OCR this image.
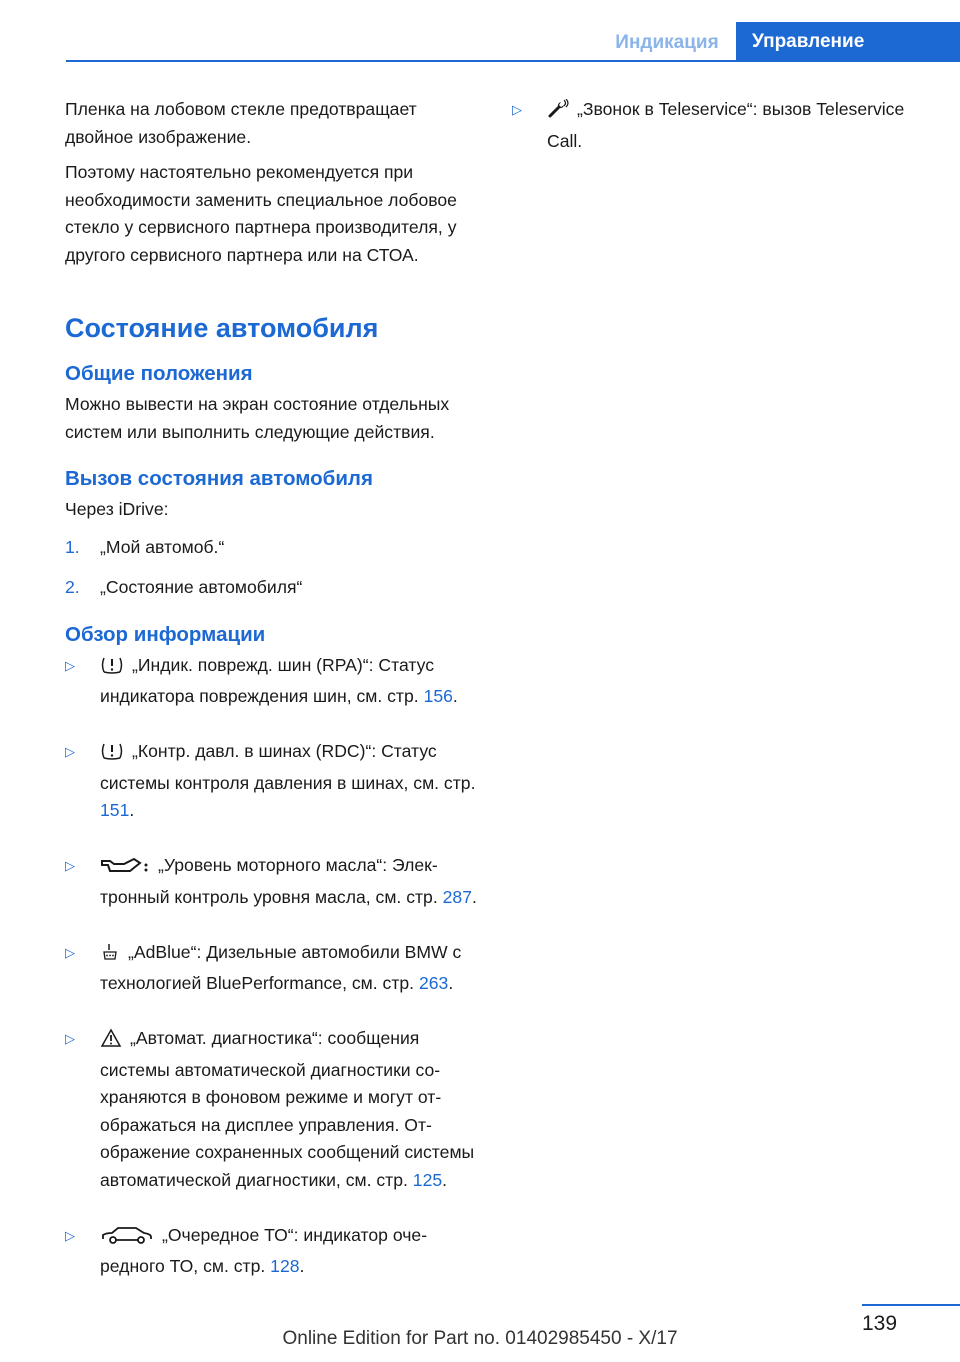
Индикация	Управление

Пленка на лобовом стекле предотвращает двойное изображение.

Поэтому настоятельно рекомендуется при необходимости заменить специальное лобовое стекло у сервисного партнера производителя, у другого сервисного партнера или на СТОА.

Состояние автомобиля
Общие положения

Можно вывести на экран состояние отдельных систем или выполнить следующие действия.

Вызов состояния автомобиля

Через iDrive:

1.	„Мой автомоб.“
2.	„Состояние автомобиля“
Обзор информации
▷	„Индик. поврежд. шин (RPA)“: Статус индикатора повреждения шин, см. стр. 156.
▷	„Контр. давл. в шинах (RDC)“: Статус системы контроля давления в шинах, см. стр. 151.
▷	„Уровень моторного масла“: Электронный контроль уровня масла, см. стр. 287.
▷	„AdBlue“: Дизельные автомобили BMW с технологией BluePerformance, см. стр. 263.
▷	„Автомат. диагностика“: сообщения системы автоматической диагностики сохраняются в фоновом режиме и могут отображаться на дисплее управления. Отображение сохраненных сообщений системы автоматической диагностики, см. стр. 125.
▷	„Очередное ТО“: индикатор очередного ТО, см. стр. 128.
▷	„Звонок в Teleservice“: вызов Teleservice Call.
139
Online Edition for Part no. 01402985450 - X/17
